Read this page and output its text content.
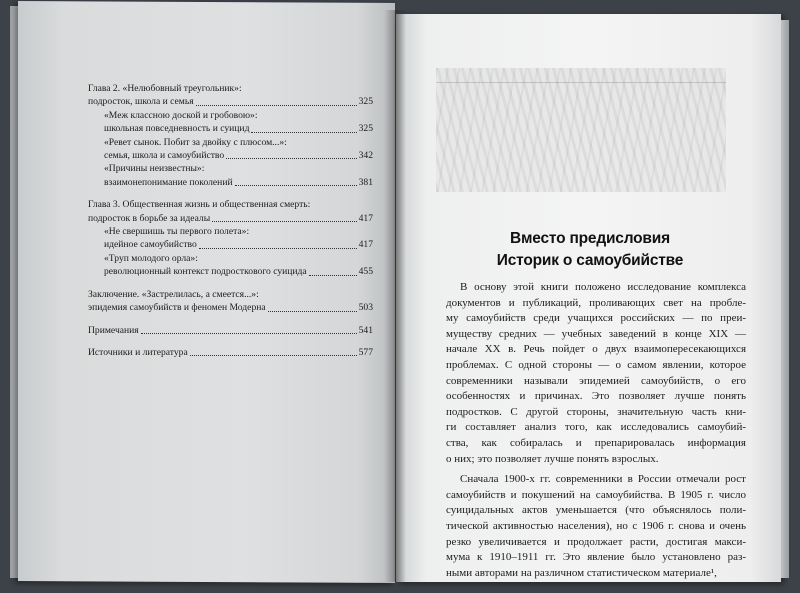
Глава 2. «Нелюбовный треугольник»:
подросток, школа и семья	325
«Меж классною доской и гробовою»:
школьная повседневность и суицид	325
«Ревет сынок. Побит за двойку с плюсом...»:
семья, школа и самоубийство	342
«Причины неизвестны»:
взаимонепонимание поколений	381
Глава 3. Общественная жизнь и общественная смерть:
подросток в борьбе за идеалы	417
«Не свершишь ты первого полета»:
идейное самоубийство	417
«Труп молодого орла»:
революционный контекст подросткового суицида	455
Заключение. «Застрелилась, а смеется...»:
эпидемия самоубийств и феномен Модерна	503
Примечания	541
Источники и литература	577
Вместо предисловия
Историк о самоубийстве

В основу этой книги положено исследование комплекса
документов и публикаций, проливающих свет на пробле-
му самоубийств среди учащихся российских — по преи-
муществу средних — учебных заведений в конце XIX —
начале XX в. Речь пойдет о двух взаимопересекающихся
проблемах. С одной стороны — о самом явлении, которое
современники называли эпидемией самоубийств, о его
особенностях и причинах. Это позволяет лучше понять
подростков. С другой стороны, значительную часть кни-
ги составляет анализ того, как исследовались самоубий-
ства, как собиралась и препарировалась информация
о них; это позволяет лучше понять взрослых.

Сначала 1900-х гг. современники в России отмечали рост
самоубийств и покушений на самоубийства. В 1905 г. число
суицидальных актов уменьшается (что объяснялось поли-
тической активностью населения), но с 1906 г. снова и очень
резко увеличивается и продолжает расти, достигая макси-
мума к 1910–1911 гг. Это явление было установлено раз-
ными авторами на различном статистическом материале¹,
